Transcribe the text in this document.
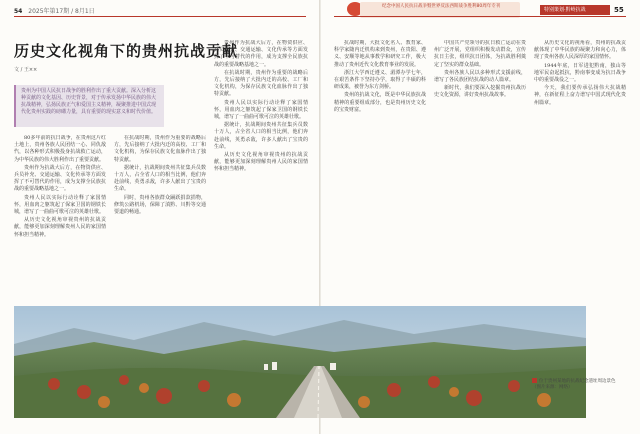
54 2025年第17期 / 8月1日
历史文化视角下的贵州抗战贡献
文 / 王××
贵州为中国人民抗日战争的胜利作出了重大贡献。深入分析这种贡献的文化基因、历史背景，对于传承发扬中华民族的伟大抗战精神，弘扬民族正气和爱国主义精神，凝聚推进中国式现代化贵州实践的磅礴力量，具有重要的现实意义和时代价值。

80多年前的抗日战争，在贵州这片红土地上，贵州各族人民团结一心、同仇敌忾，以各种形式积极投身抗战救亡运动，为中华民族的伟大胜利作出了重要贡献。

贵州作为抗战大后方，在物资供应、兵员补充、交通运输、文化传承等方面发挥了不可替代的作用，成为支撑全民族抗战的重要战略基地之一。

贵州人民以实际行动诠释了家国情怀，用血肉之躯筑起了保家卫国的钢铁长城，谱写了一曲曲可歌可泣的英雄壮歌。

从历史文化视角审视贵州的抗战贡献，能够更加深刻理解贵州人民的家国情怀和担当精神。

在抗战时期，贵州作为重要的战略后方，先后接纳了大批内迁的高校、工厂和文化机构，为保存民族文化血脉作出了独特贡献。

据统计，抗战期间贵州共征集兵员数十万人，占全省人口的相当比例，他们奔赴前线，英勇杀敌，许多人献出了宝贵的生命。

同时，贵州各族群众踊跃捐款捐物，修筑公路机场，保障了滇黔、川黔等交通要道的畅通。

贵州作为抗战大后方，在物资供应、兵员补充、交通运输、文化传承等方面发挥了不可替代的作用，成为支撑全民族抗战的重要战略基地之一。

在抗战时期，贵州作为重要的战略后方，先后接纳了大批内迁的高校、工厂和文化机构，为保存民族文化血脉作出了独特贡献。

贵州人民以实际行动诠释了家国情怀，用血肉之躯筑起了保家卫国的钢铁长城，谱写了一曲曲可歌可泣的英雄壮歌。

据统计，抗战期间贵州共征集兵员数十万人，占全省人口的相当比例，他们奔赴前线，英勇杀敌，许多人献出了宝贵的生命。

从历史文化视角审视贵州的抗战贡献，能够更加深刻理解贵州人民的家国情怀和担当精神。

抗战时期，大批文化名人、教育家、科学家随内迁机构来到贵州，在贵阳、遵义、安顺等地从事教学和研究工作，极大推动了贵州近代文化教育事业的发展。

浙江大学西迁遵义、湄潭办学七年，在艰苦条件下坚持办学，取得了丰硕的科研成果，被誉为东方剑桥。

贵州的抗战文化，既是中华民族抗战精神的重要组成部分，也是贵州历史文化的宝贵财富。

中国共产党领导的抗日救亡运动在贵州广泛开展，党组织积极发动群众，宣传抗日主张，组织抗日团体，为抗战胜利奠定了坚实的群众基础。

贵州各族人民以多种形式支援前线，谱写了各民族团结抗战的动人篇章。

新时代，我们要深入挖掘贵州抗战历史文化资源，讲好贵州抗战故事。

从历史文化的视角看，贵州的抗战贡献体现了中华民族的凝聚力和向心力，体现了贵州各族人民深厚的家国情怀。

1944年底，日军进犯黔南，独山等地军民奋起抵抗，黔南事变成为抗日战争中的重要战役之一。

今天，我们要传承弘扬伟大抗战精神，在新征程上奋力谱写中国式现代化贵州篇章。

纪念中国人民抗日战争暨世界反法西斯战争胜利80周年专刊
特别策划·黔岭抗战	55
位于贵州某地的抗战纪念遗址周边景色（图片来源：网络）
